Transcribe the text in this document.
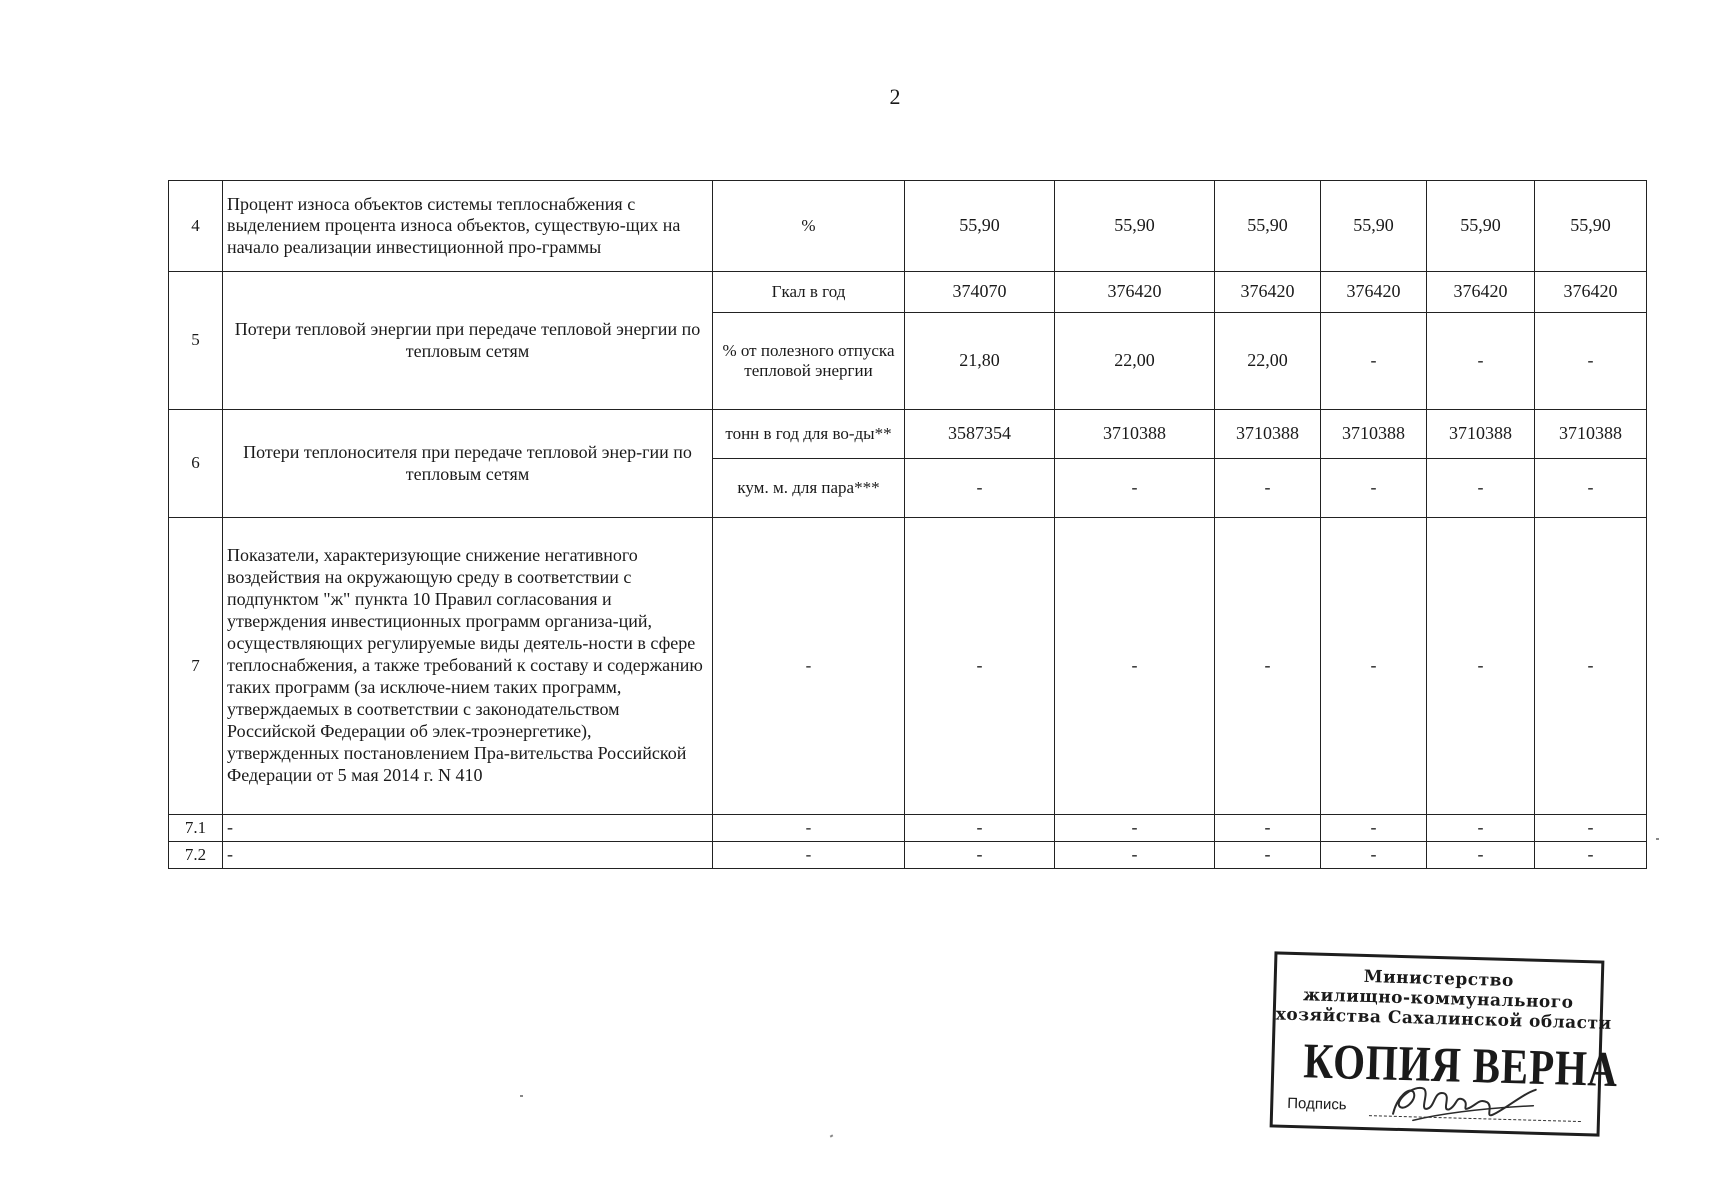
2
4	Процент износа объектов системы теплоснабжения с выделением процента износа объектов, существую-щих на начало реализации инвестиционной про-граммы	%	55,90	55,90	55,90	55,90	55,90	55,90
5	Потери тепловой энергии при передаче тепловой энергии по тепловым сетям	Гкал в год	374070	376420	376420	376420	376420	376420
		% от полезного отпуска тепловой энергии	21,80	22,00	22,00	-	-	-
6	Потери теплоносителя при передаче тепловой энер-гии по тепловым сетям	тонн в год для во-ды**	3587354	3710388	3710388	3710388	3710388	3710388
		кум. м. для пара***	-	-	-	-	-	-
7	Показатели, характеризующие снижение негативного воздействия на окружающую среду в соответствии с подпунктом "ж" пункта 10 Правил согласования и утверждения инвестиционных программ организа-ций, осуществляющих регулируемые виды деятель-ности в сфере теплоснабжения, а также требований к составу и содержанию таких программ (за исключе-нием таких программ, утверждаемых в соответствии с законодательством Российской Федерации об элек-троэнергетике), утвержденных постановлением Пра-вительства Российской Федерации от 5 мая 2014 г. N 410	-	-	-	-	-	-	-
7.1	-	-	-	-	-	-	-	-
7.2	-	-	-	-	-	-	-	-
Министерство
жилищно-коммунального
хозяйства Сахалинской области
КОПИЯ ВЕРНА
Подпись
